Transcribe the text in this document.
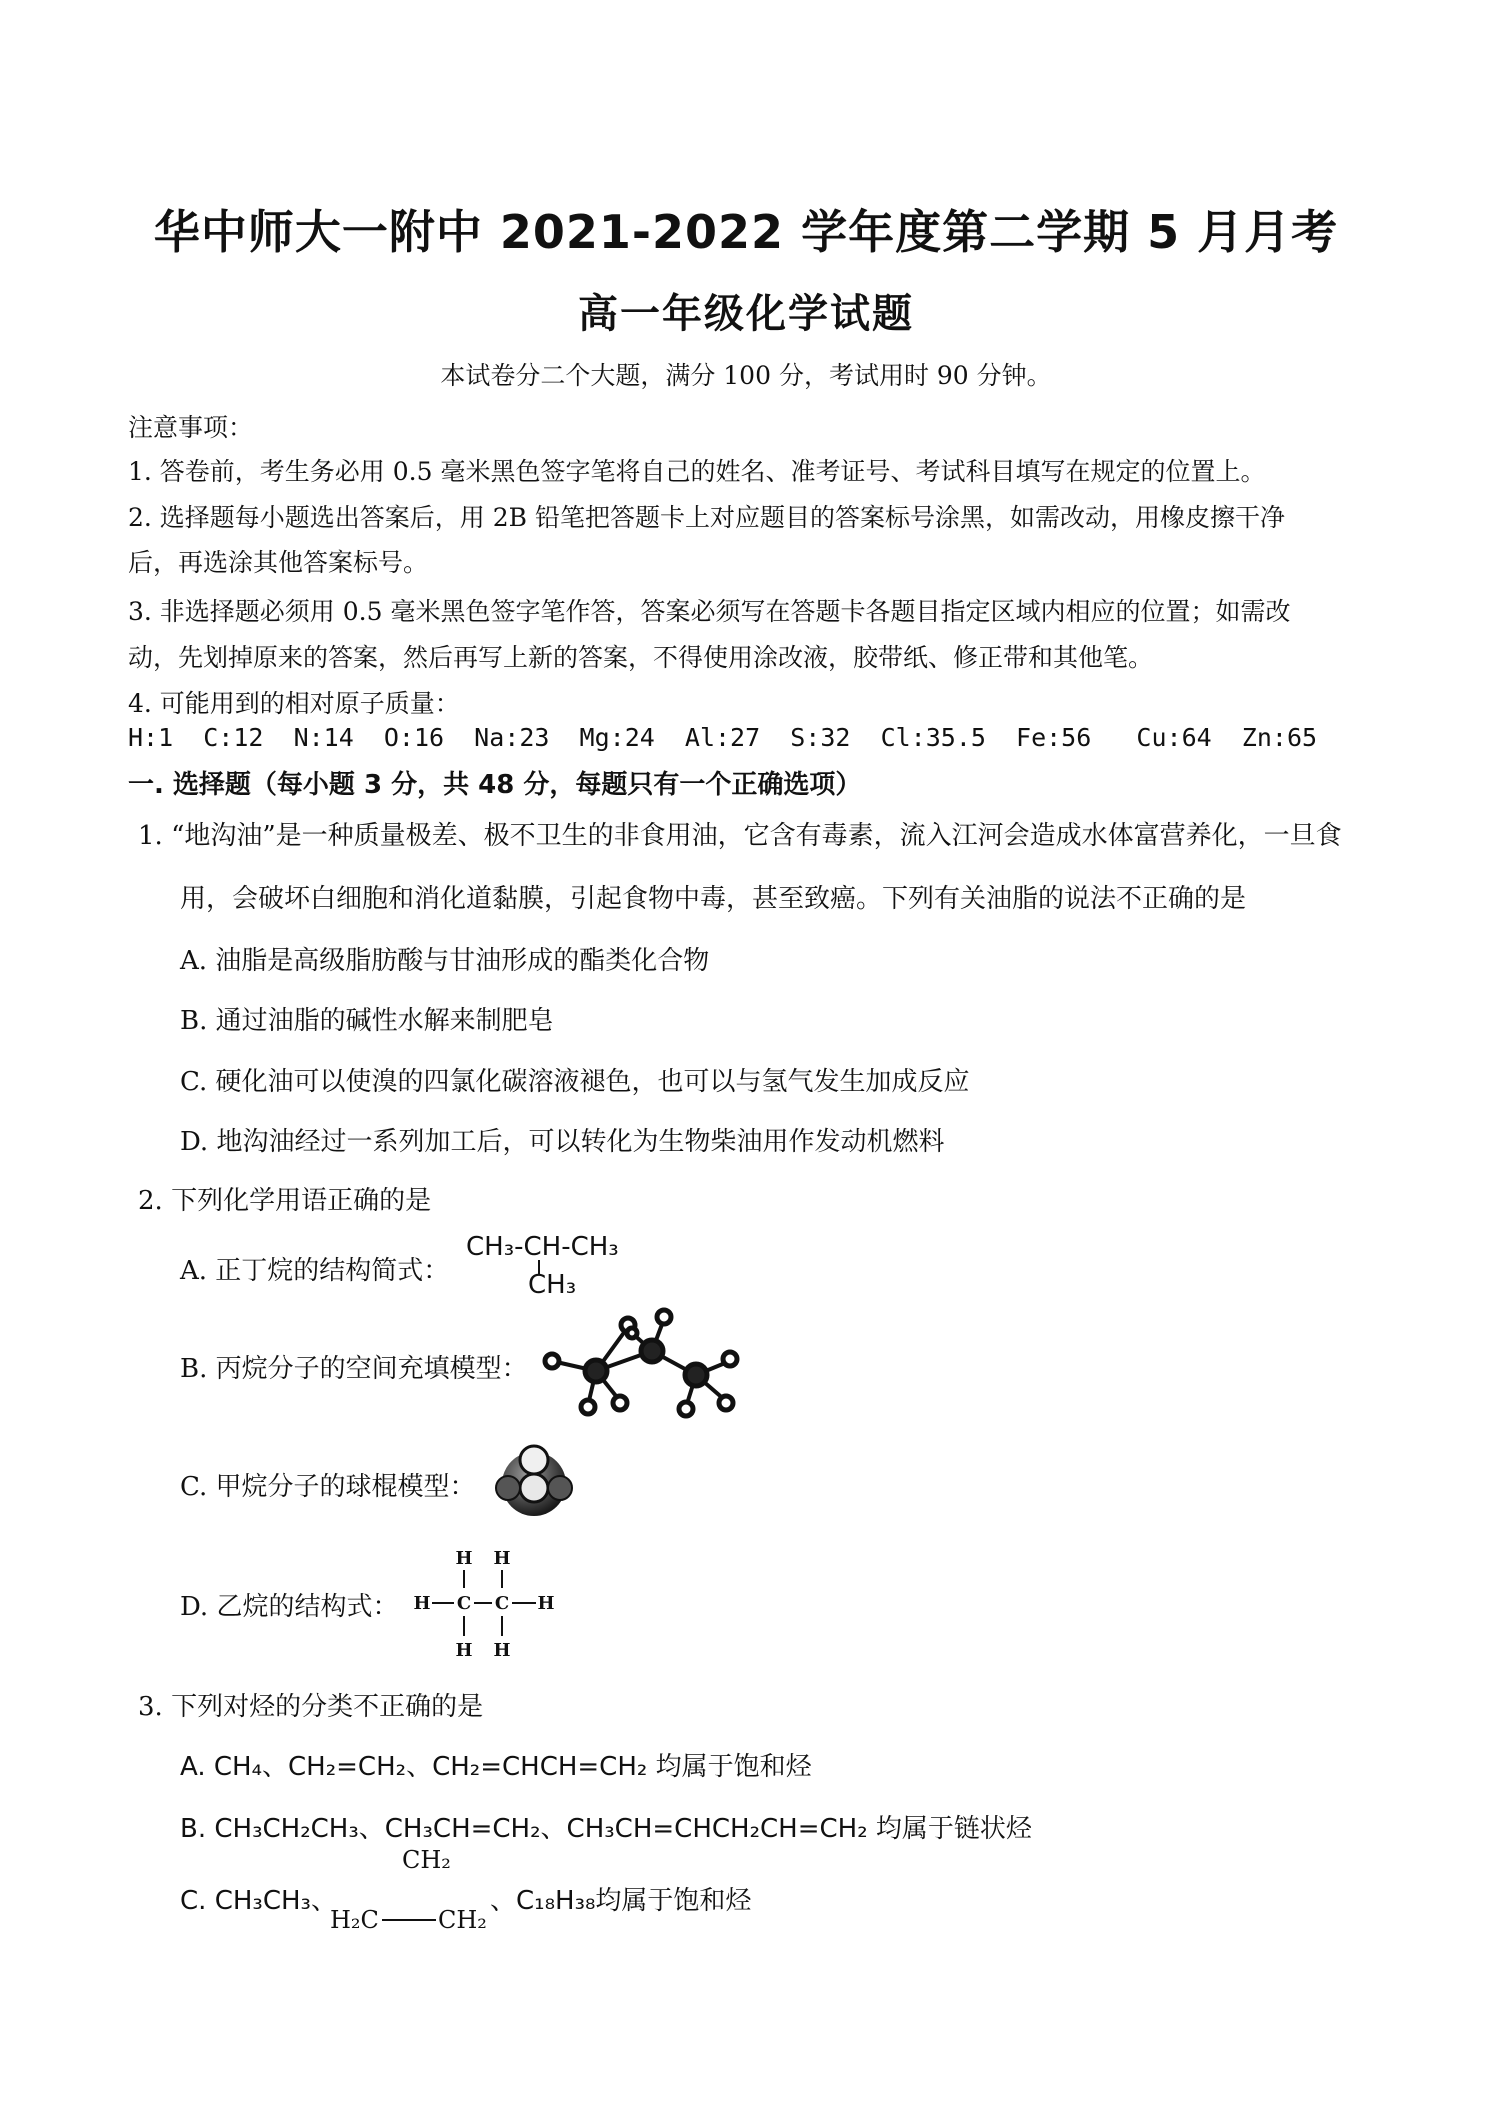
华中师大一附中 2021-2022 学年度第二学期 5 月月考
高一年级化学试题
本试卷分二个大题，满分 100 分，考试用时 90 分钟。
注意事项：
1. 答卷前，考生务必用 0.5 毫米黑色签字笔将自己的姓名、准考证号、考试科目填写在规定的位置上。
2. 选择题每小题选出答案后，用 2B 铅笔把答题卡上对应题目的答案标号涂黑，如需改动，用橡皮擦干净
后，再选涂其他答案标号。
3. 非选择题必须用 0.5 毫米黑色签字笔作答，答案必须写在答题卡各题目指定区域内相应的位置；如需改
动，先划掉原来的答案，然后再写上新的答案，不得使用涂改液，胶带纸、修正带和其他笔。
4. 可能用到的相对原子质量：
H:1  C:12  N:14  O:16  Na:23  Mg:24  Al:27  S:32  Cl:35.5  Fe:56   Cu:64  Zn:65
一. 选择题（每小题 3 分，共 48 分，每题只有一个正确选项）
1. “地沟油”是一种质量极差、极不卫生的非食用油，它含有毒素，流入江河会造成水体富营养化，一旦食
用，会破坏白细胞和消化道黏膜，引起食物中毒，甚至致癌。下列有关油脂的说法不正确的是
A. 油脂是高级脂肪酸与甘油形成的酯类化合物
B. 通过油脂的碱性水解来制肥皂
C. 硬化油可以使溴的四氯化碳溶液褪色，也可以与氢气发生加成反应
D. 地沟油经过一系列加工后，可以转化为生物柴油用作发动机燃料
2. 下列化学用语正确的是
A. 正丁烷的结构简式：
CH₃-CH-CH₃
CH₃
B. 丙烷分子的空间充填模型：
C. 甲烷分子的球棍模型：
D. 乙烷的结构式：
H H
H C C H
H H
3. 下列对烃的分类不正确的是
A. CH₄、CH₂=CH₂、CH₂=CHCH=CH₂ 均属于饱和烃
B. CH₃CH₂CH₃、CH₃CH=CH₂、CH₃CH=CHCH₂CH=CH₂ 均属于链状烃
C. CH₃CH₃、
CH₂
H₂C CH₂
、C₁₈H₃₈均属于饱和烃
